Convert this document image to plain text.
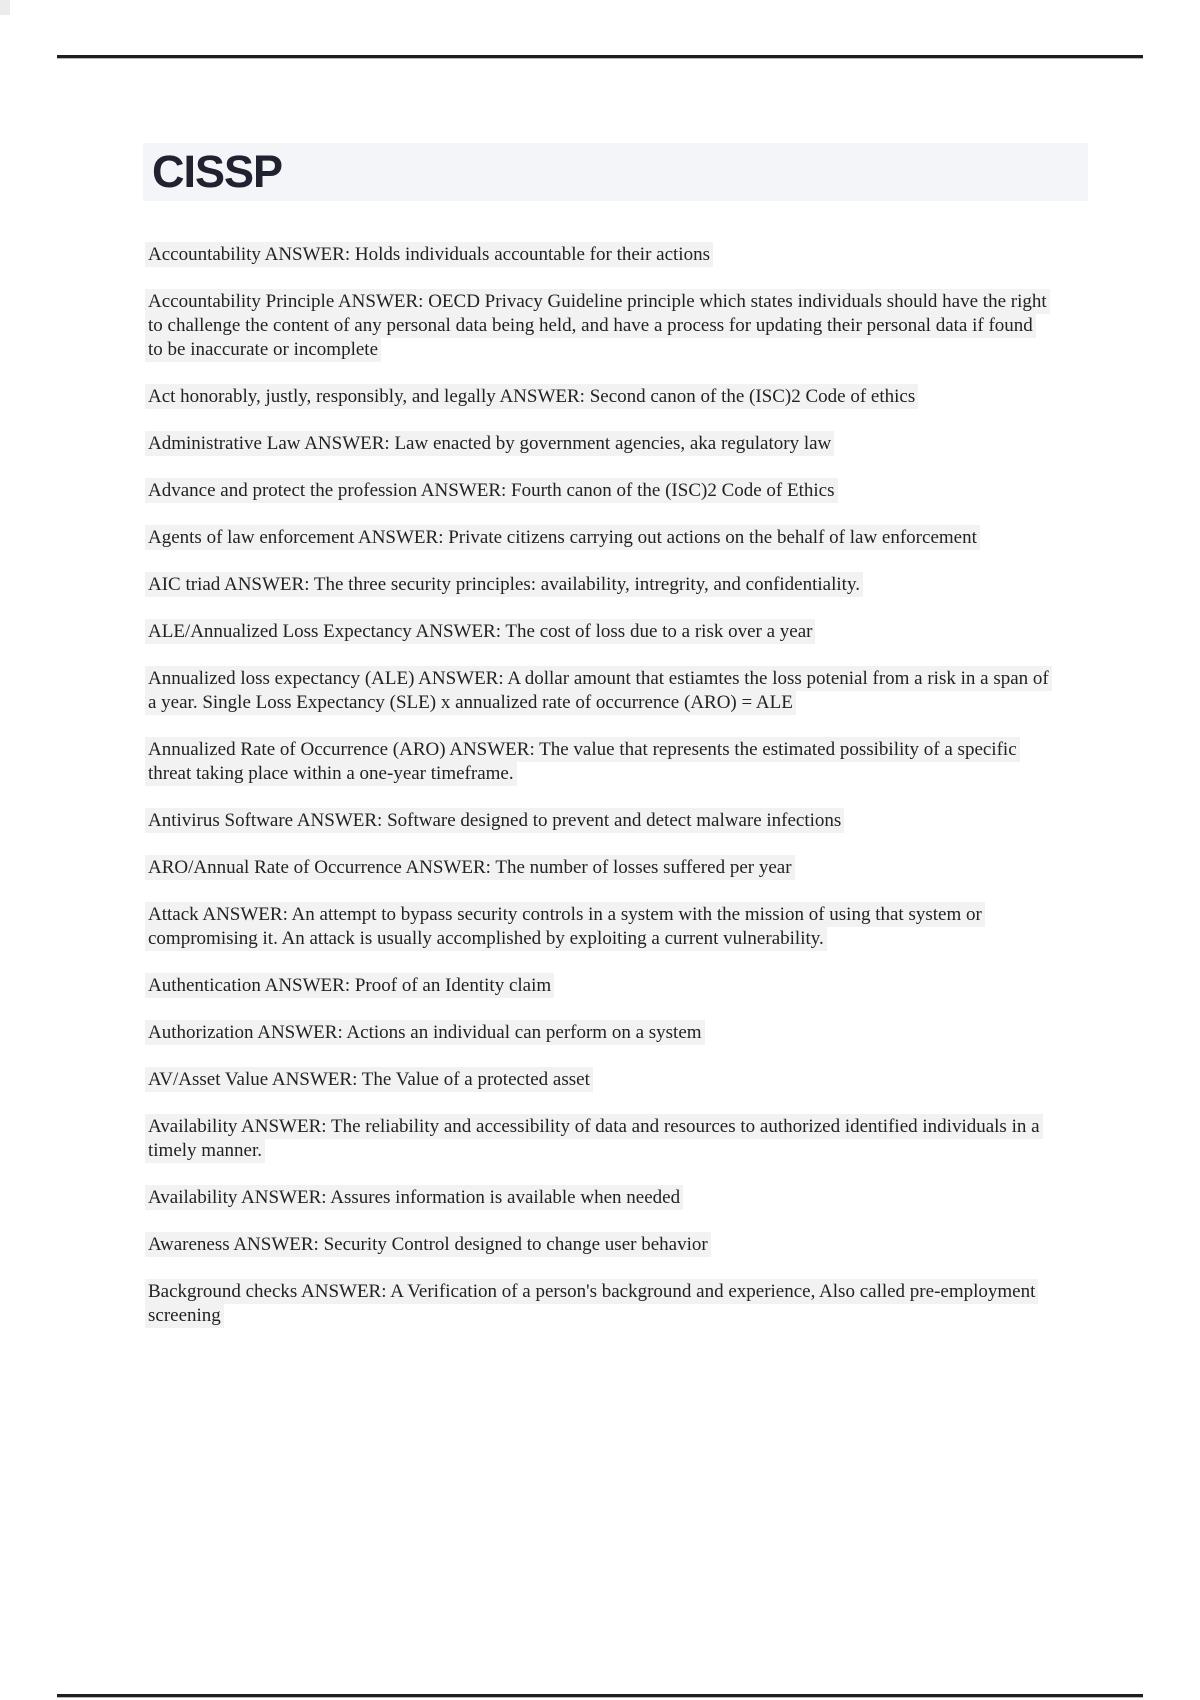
CISSP

Accountability ANSWER: Holds individuals accountable for their actions

Accountability Principle ANSWER: OECD Privacy Guideline principle which states individuals should have the right to challenge the content of any personal data being held, and have a process for updating their personal data if found to be inaccurate or incomplete

Act honorably, justly, responsibly, and legally ANSWER: Second canon of the (ISC)2 Code of ethics

Administrative Law ANSWER: Law enacted by government agencies, aka regulatory law

Advance and protect the profession ANSWER: Fourth canon of the (ISC)2 Code of Ethics

Agents of law enforcement ANSWER: Private citizens carrying out actions on the behalf of law enforcement

AIC triad ANSWER: The three security principles: availability, intregrity, and confidentiality.

ALE/Annualized Loss Expectancy ANSWER: The cost of loss due to a risk over a year

Annualized loss expectancy (ALE) ANSWER: A dollar amount that estiamtes the loss potenial from a risk in a span of a year. Single Loss Expectancy (SLE) x annualized rate of occurrence (ARO) = ALE

Annualized Rate of Occurrence (ARO) ANSWER: The value that represents the estimated possibility of a specific threat taking place within a one-year timeframe.

Antivirus Software ANSWER: Software designed to prevent and detect malware infections

ARO/Annual Rate of Occurrence ANSWER: The number of losses suffered per year

Attack ANSWER: An attempt to bypass security controls in a system with the mission of using that system or compromising it. An attack is usually accomplished by exploiting a current vulnerability.

Authentication ANSWER: Proof of an Identity claim

Authorization ANSWER: Actions an individual can perform on a system

AV/Asset Value ANSWER: The Value of a protected asset

Availability ANSWER: The reliability and accessibility of data and resources to authorized identified individuals in a timely manner.

Availability ANSWER: Assures information is available when needed

Awareness ANSWER: Security Control designed to change user behavior

Background checks ANSWER: A Verification of a person's background and experience, Also called pre-employment screening
